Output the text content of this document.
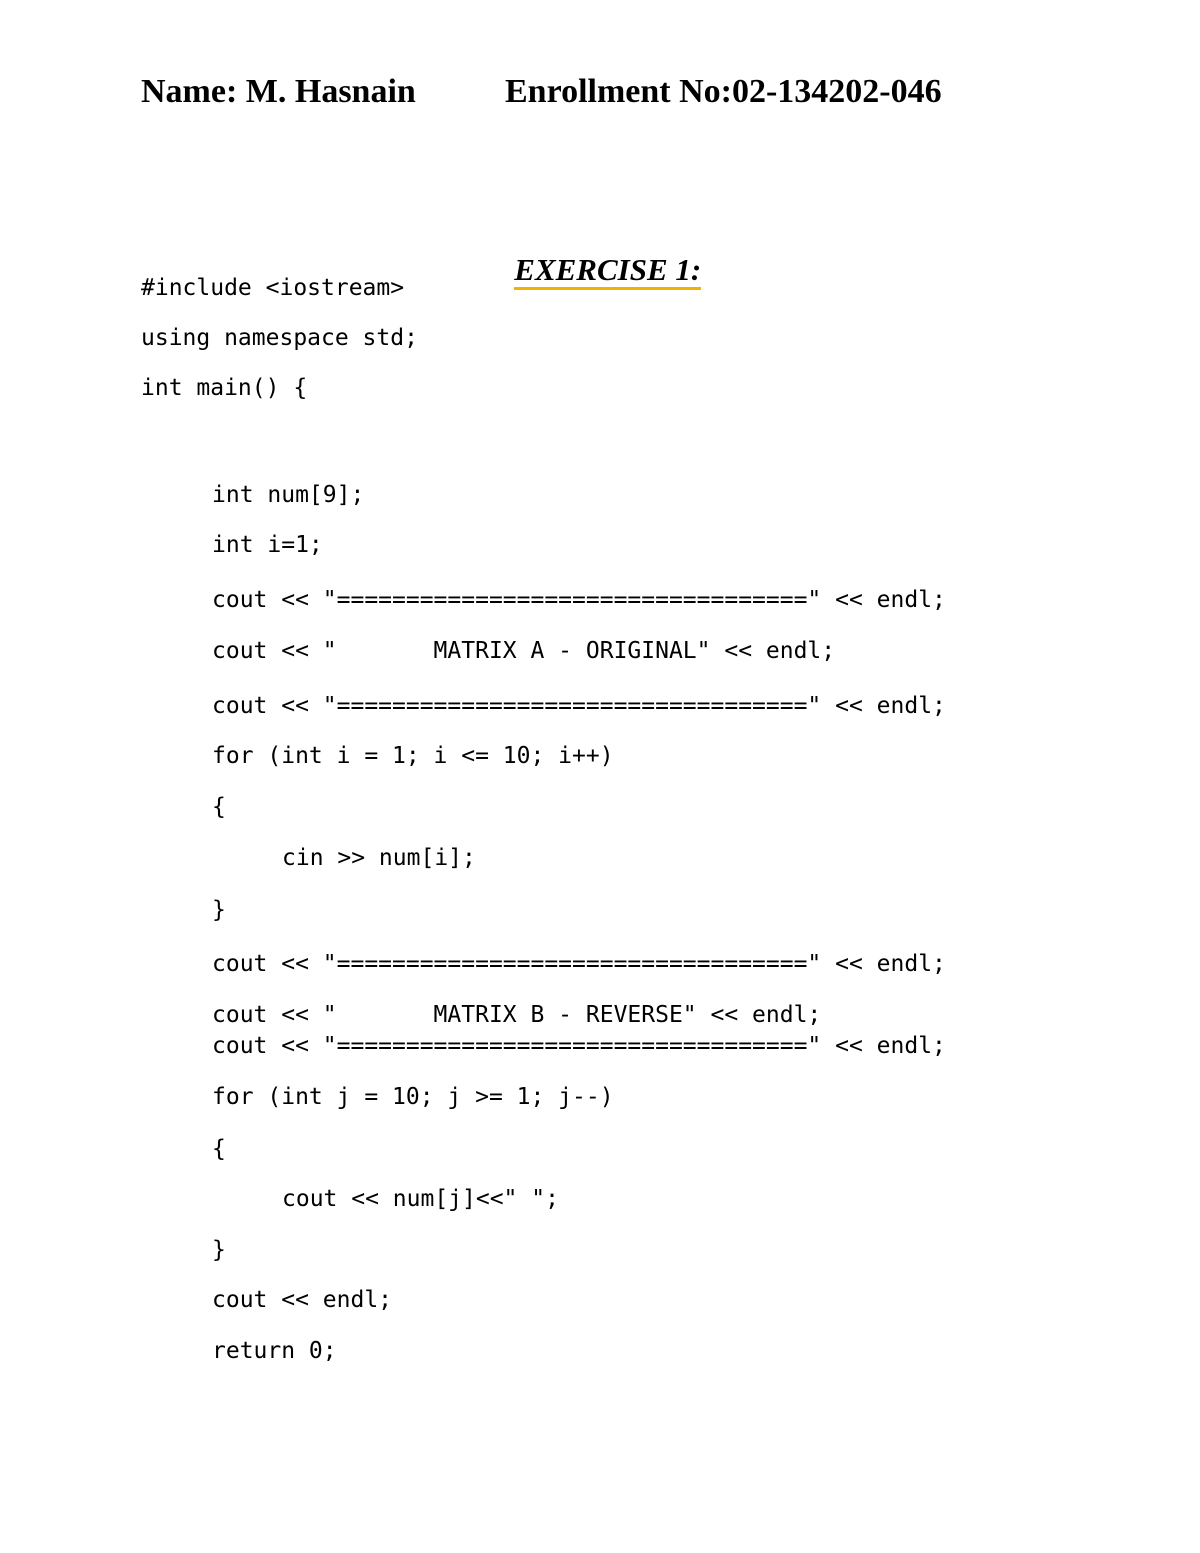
Name: M. Hasnain	Enrollment No:02-134202-046

EXERCISE 1:

#include <iostream>
using namespace std;
int main() {
int num[9];
int i=1;
cout << "==================================" << endl;
cout << "       MATRIX A - ORIGINAL" << endl;
cout << "==================================" << endl;
for (int i = 1; i <= 10; i++)
{
cin >> num[i];
}
cout << "==================================" << endl;
cout << "       MATRIX B - REVERSE" << endl;
cout << "==================================" << endl;
for (int j = 10; j >= 1; j--)
{
cout << num[j]<<" ";
}
cout << endl;
return 0;
